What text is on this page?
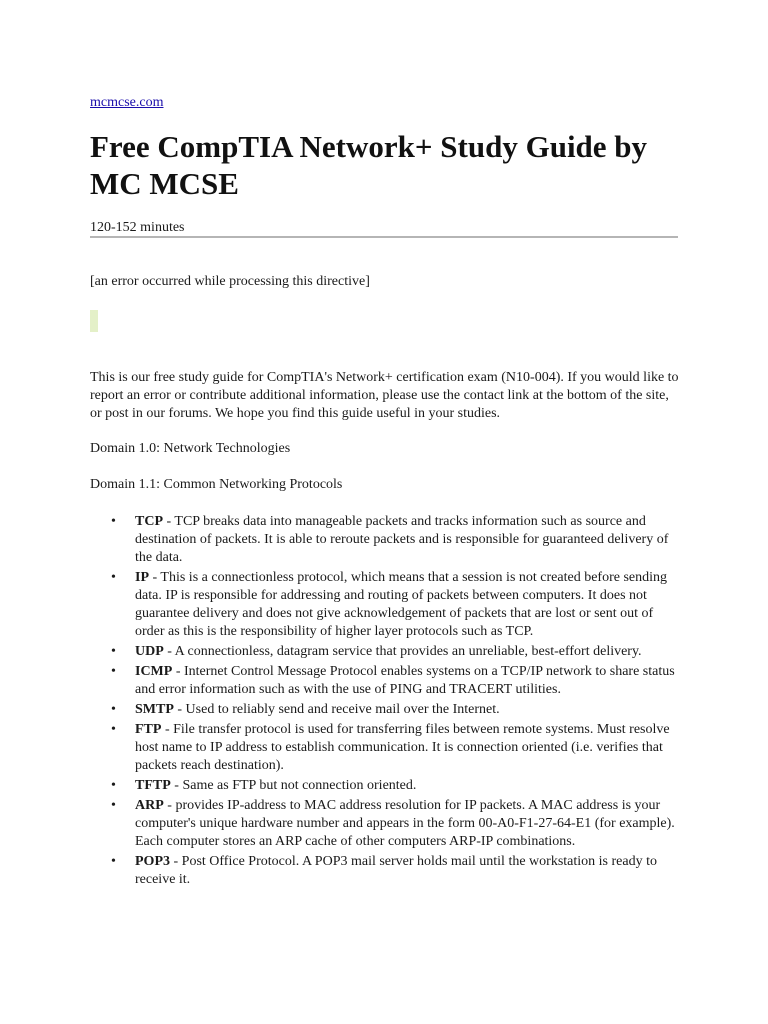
mcmcse.com
Free CompTIA Network+ Study Guide by MC MCSE
120-152 minutes
[an error occurred while processing this directive]

This is our free study guide for CompTIA's Network+ certification exam (N10-004). If you would like to report an error or contribute additional information, please use the contact link at the bottom of the site, or post in our forums. We hope you find this guide useful in your studies.

Domain 1.0: Network Technologies
Domain 1.1: Common Networking Protocols
• TCP - TCP breaks data into manageable packets and tracks information such as source and destination of packets. It is able to reroute packets and is responsible for guaranteed delivery of the data.
• IP - This is a connectionless protocol, which means that a session is not created before sending data. IP is responsible for addressing and routing of packets between computers. It does not guarantee delivery and does not give acknowledgement of packets that are lost or sent out of order as this is the responsibility of higher layer protocols such as TCP.
• UDP - A connectionless, datagram service that provides an unreliable, best-effort delivery.
• ICMP - Internet Control Message Protocol enables systems on a TCP/IP network to share status and error information such as with the use of PING and TRACERT utilities.
• SMTP - Used to reliably send and receive mail over the Internet.
• FTP - File transfer protocol is used for transferring files between remote systems. Must resolve host name to IP address to establish communication. It is connection oriented (i.e. verifies that packets reach destination).
• TFTP - Same as FTP but not connection oriented.
• ARP - provides IP-address to MAC address resolution for IP packets. A MAC address is your computer's unique hardware number and appears in the form 00-A0-F1-27-64-E1 (for example). Each computer stores an ARP cache of other computers ARP-IP combinations.
• POP3 - Post Office Protocol. A POP3 mail server holds mail until the workstation is ready to receive it.
